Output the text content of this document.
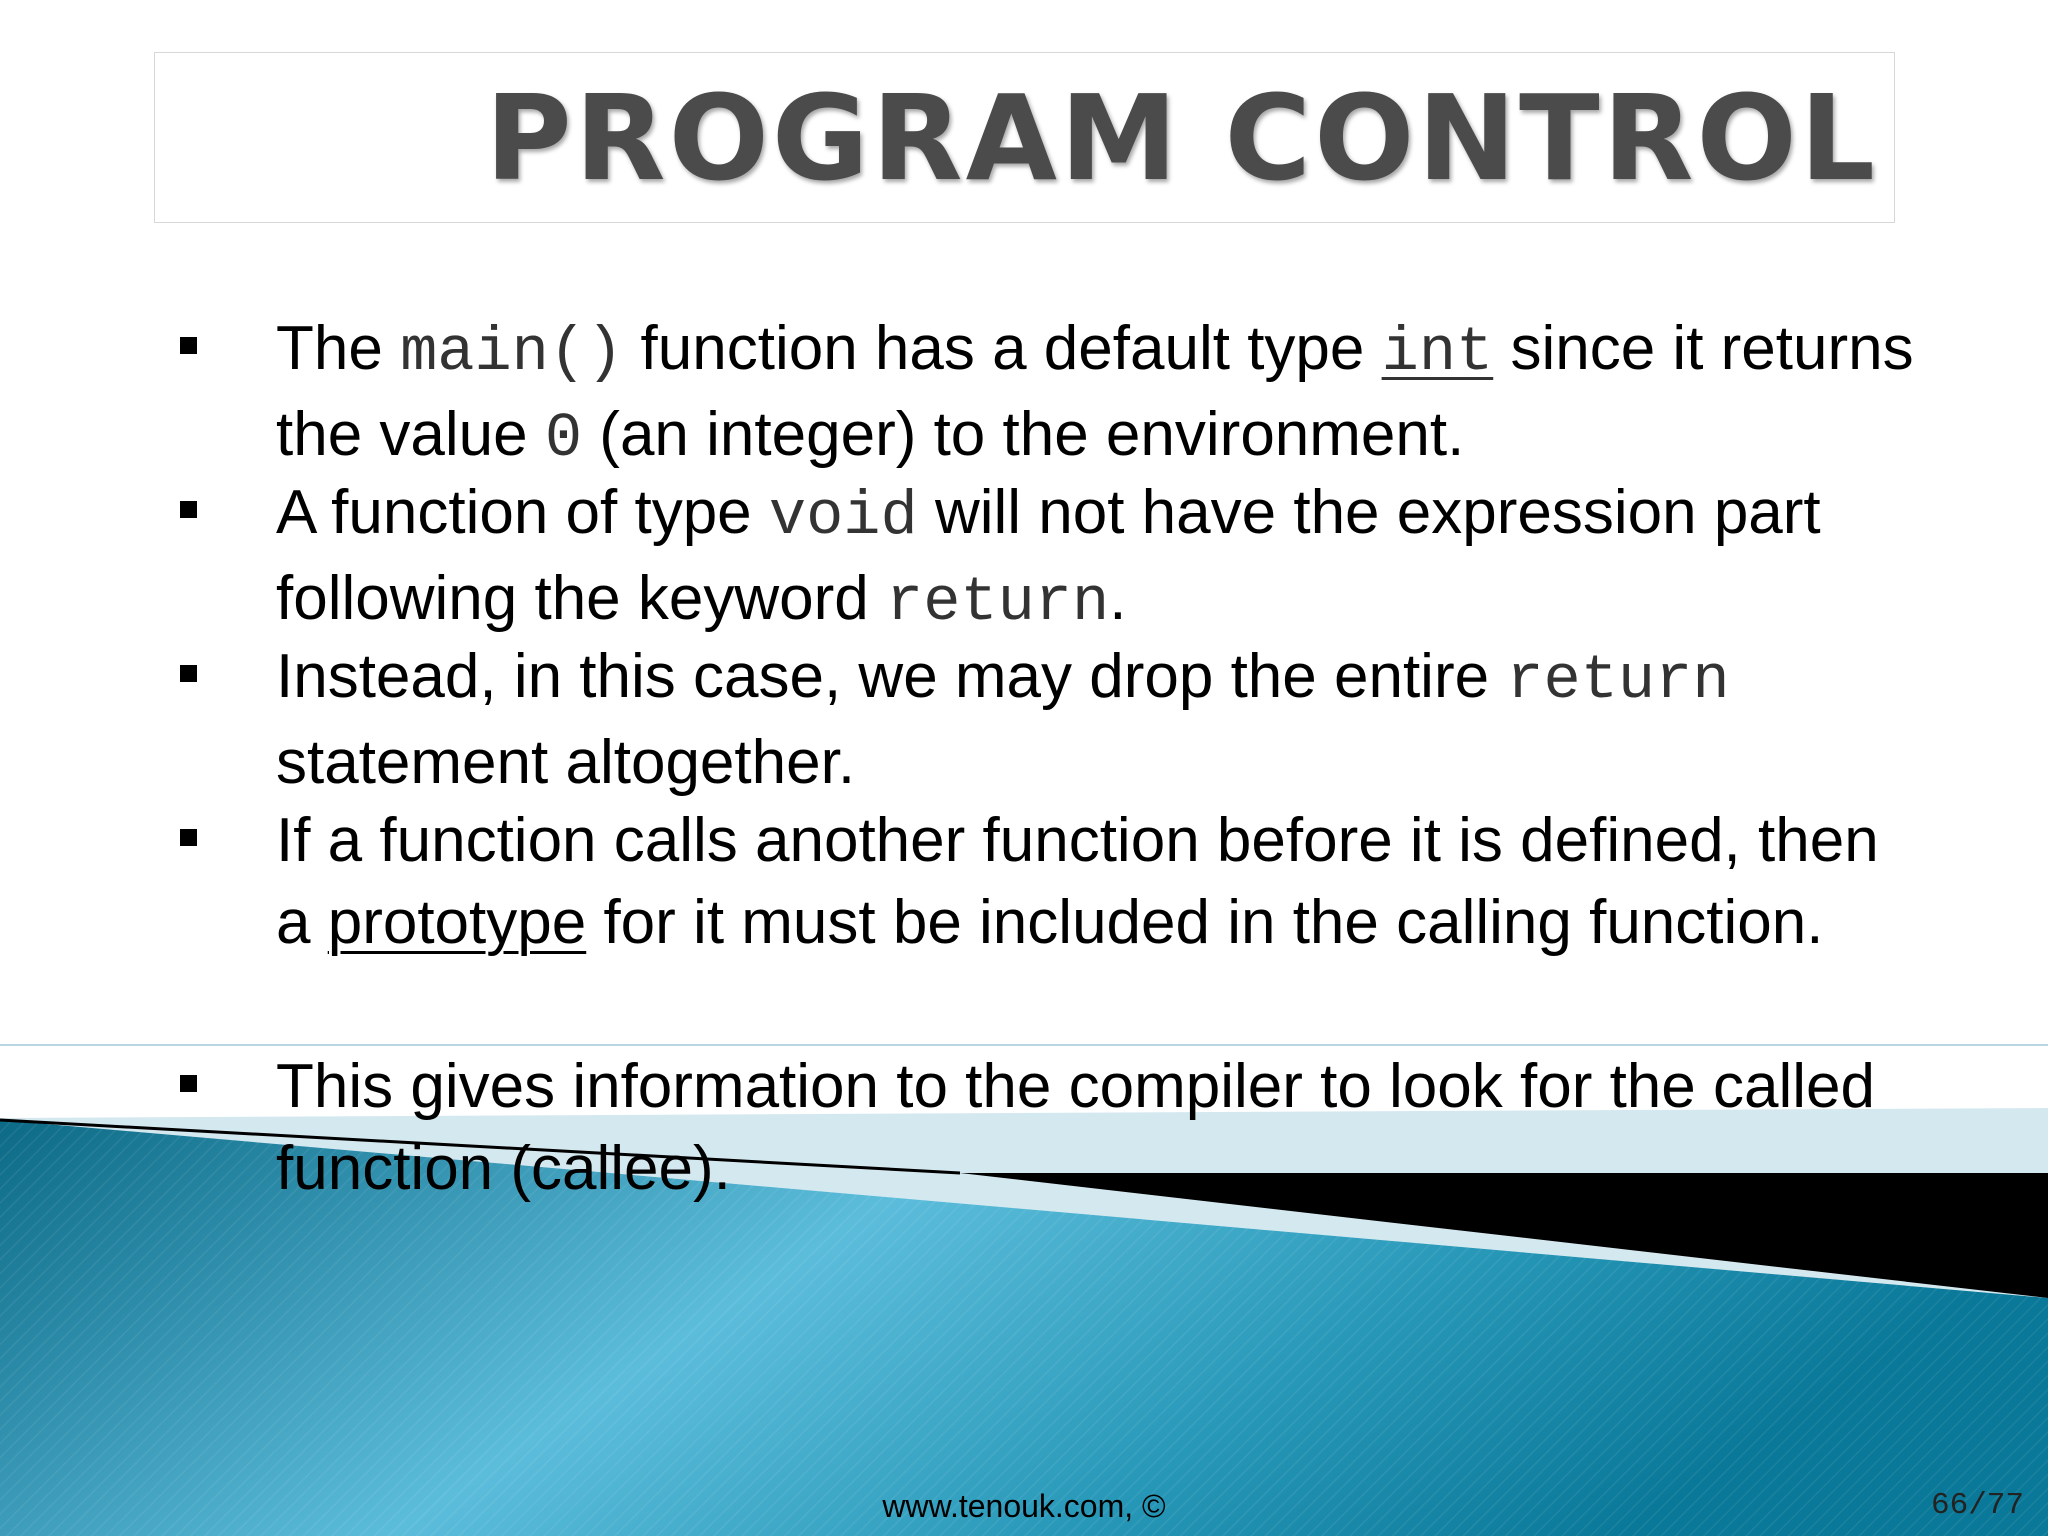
PROGRAM CONTROL
The main() function has a default type int since it returns the value 0 (an integer) to the environment.
A function of type void will not have the expression part following the keyword return.
Instead, in this case, we may drop the entire return statement altogether.
If a function calls another function before it is defined, then a prototype for it must be included in the calling function.
This gives information to the compiler to look for the called function (callee).
www.tenouk.com, ©	66/77
